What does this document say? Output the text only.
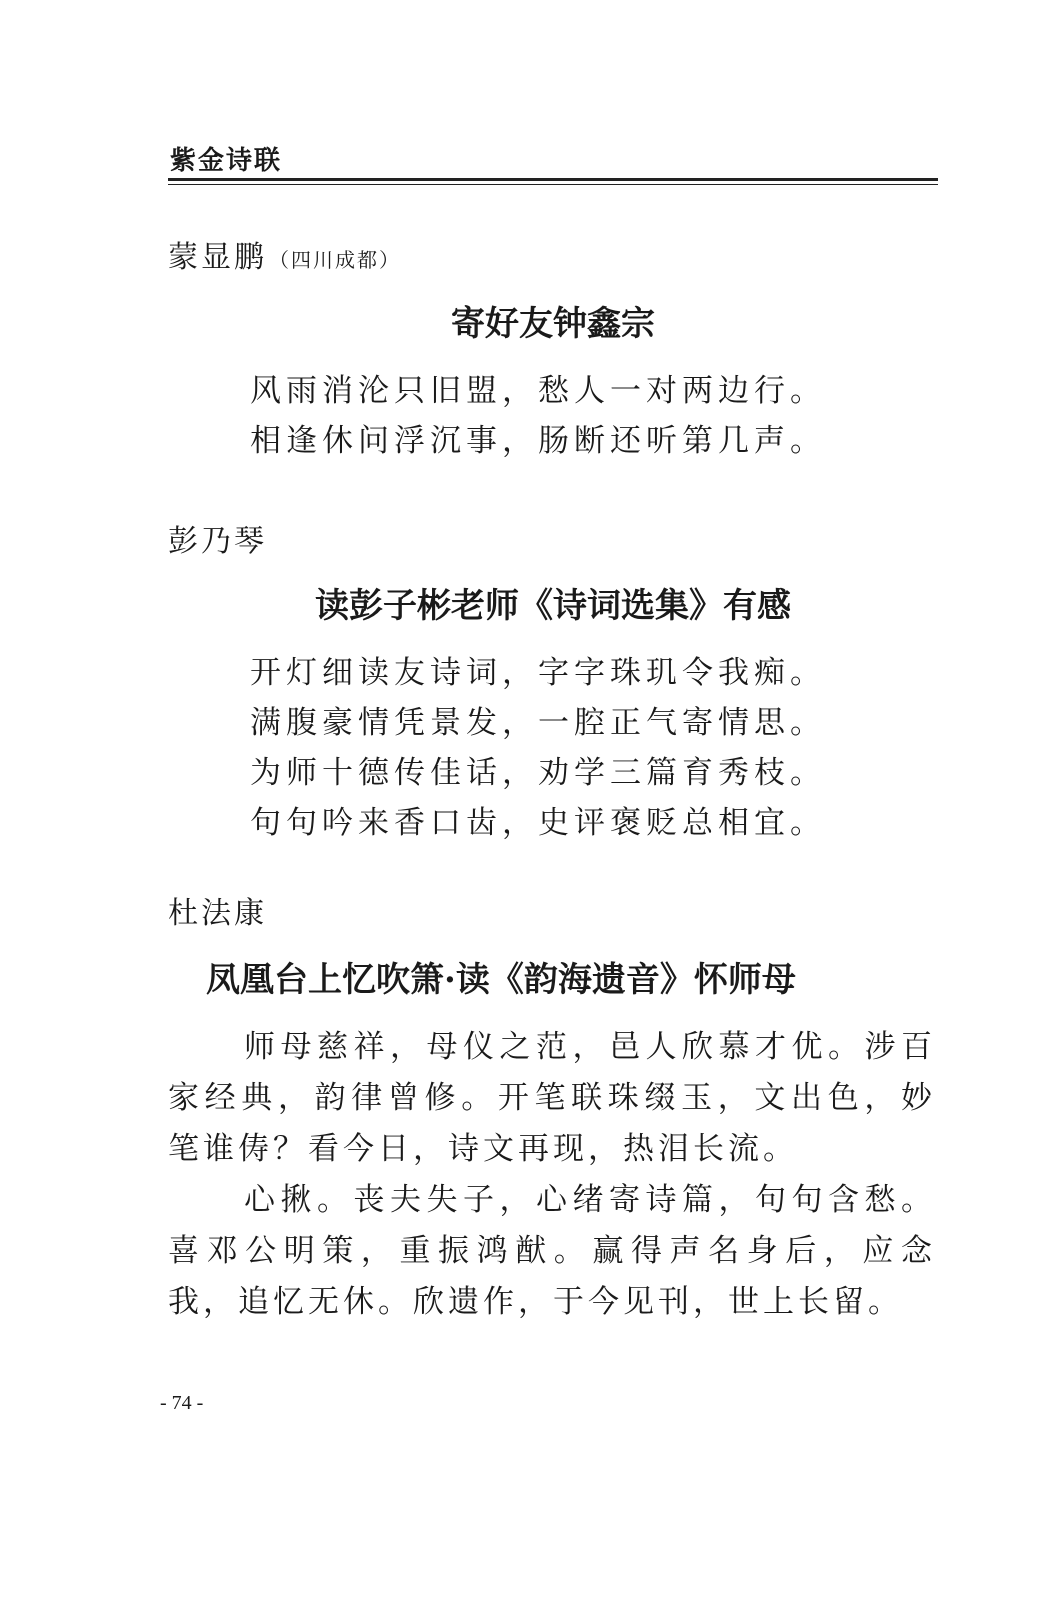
紫金诗联
蒙显鹏 （四川成都）
寄好友钟鑫宗
风雨消沦只旧盟，愁人一对两边行。
相逢休问浮沉事，肠断还听第几声。
彭乃琴
读彭子彬老师《诗词选集》有感
开灯细读友诗词，字字珠玑令我痴。
满腹豪情凭景发，一腔正气寄情思。
为师十德传佳话，劝学三篇育秀枝。
句句吟来香口齿，史评褒贬总相宜。
杜法康
凤凰台上忆吹箫·读《韵海遗音》怀师母

师母慈祥，母仪之范，邑人欣慕才优。涉百家经典，韵律曾修。开笔联珠缀玉，文出色，妙笔谁俦？看今日，诗文再现，热泪长流。

心揪。丧夫失子，心绪寄诗篇，句句含愁。喜邓公明策，重振鸿猷。赢得声名身后，应念我，追忆无休。欣遗作，于今见刊，世上长留。

- 74 -
